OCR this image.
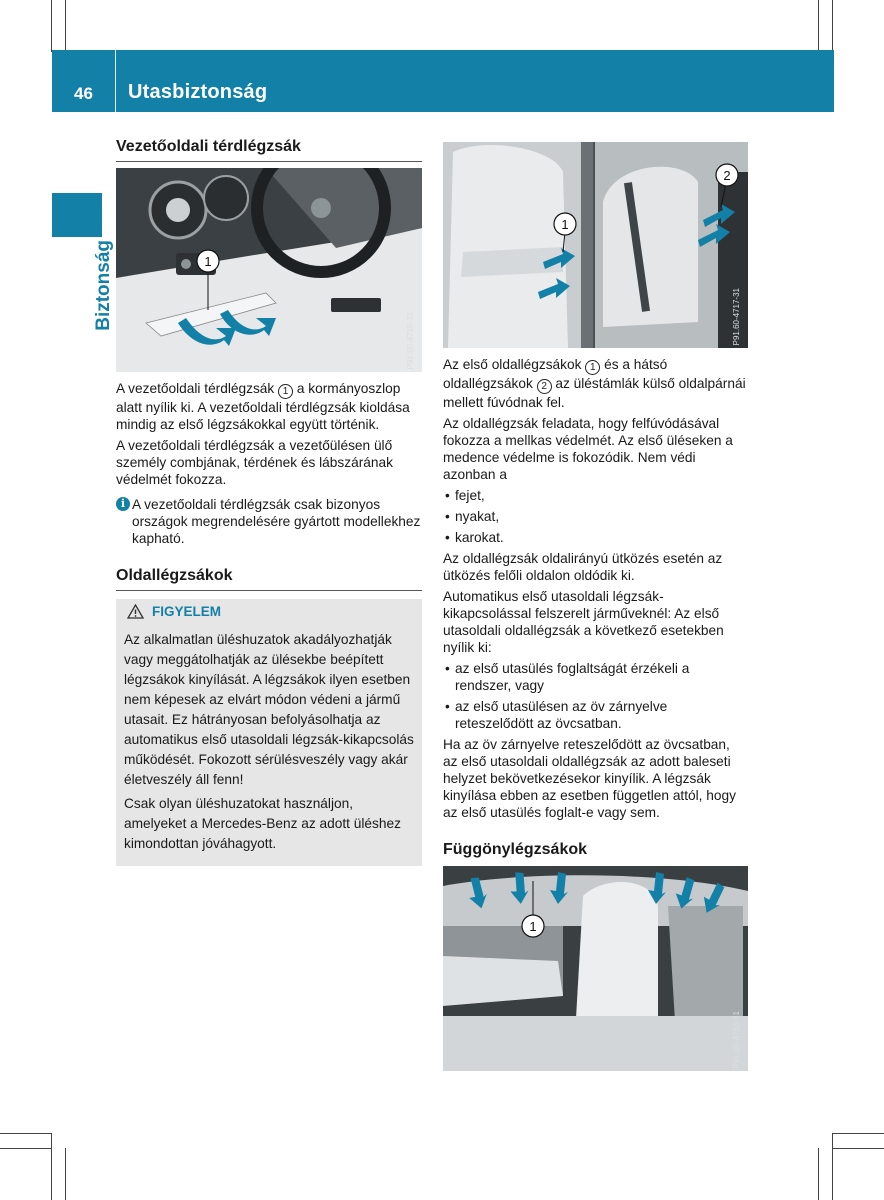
46	Utasbiztonság
Biztonság
Vezetőoldali térdlégzsák
1
P91.60-4716-31

A vezetőoldali térdlégzsák 1 a kormányoszlop alatt nyílik ki. A vezetőoldali térdlégzsák kioldása mindig az első légzsákokkal együtt történik.

A vezetőoldali térdlégzsák a vezetőülésen ülő személy combjának, térdének és lábszárának védelmét fokozza.

i A vezetőoldali térdlégzsák csak bizonyos országok megrendelésére gyártott modellekhez kapható.
Oldallégzsákok
FIGYELEM

Az alkalmatlan üléshuzatok akadályozhatják vagy meggátolhatják az ülésekbe beépített légzsákok kinyílását. A légzsákok ilyen esetben nem képesek az elvárt módon védeni a jármű utasait. Ez hátrányosan befolyásolhatja az automatikus első utasoldali légzsák-kikapcsolás működését. Fokozott sérülésveszély vagy akár életveszély áll fenn!

Csak olyan üléshuzatokat használjon, amelyeket a Mercedes-Benz az adott üléshez kimondottan jóváhagyott.

1
2
P91.60-4717-31

Az első oldallégzsákok 1 és a hátsó oldallégzsákok 2 az üléstámlák külső oldalpárnái mellett fúvódnak fel.

Az oldallégzsák feladata, hogy felfúvódásával fokozza a mellkas védelmét. Az első üléseken a medence védelme is fokozódik. Nem védi azonban a

• fejet,
• nyakat,
• karokat.

Az oldallégzsák oldalirányú ütközés esetén az ütközés felőli oldalon oldódik ki.

Automatikus első utasoldali légzsák-kikapcsolással felszerelt járműveknél: Az első utasoldali oldallégzsák a következő esetekben nyílik ki:

• az első utasülés foglaltságát érzékeli a rendszer, vagy
• az első utasülésen az öv zárnyelve reteszelődött az övcsatban.

Ha az öv zárnyelve reteszelődött az övcsatban, az első utasoldali oldallégzsák az adott baleseti helyzet bekövetkezésekor kinyílik. A légzsák kinyílása ebben az esetben független attól, hogy az első utasülés foglalt-e vagy sem.

Függönylégzsákok
1
P91.60-4718-31
